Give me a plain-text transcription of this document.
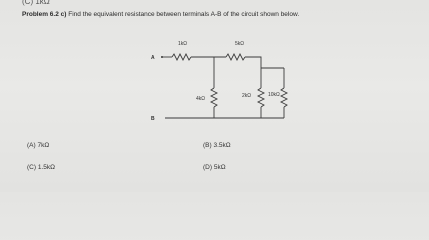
(C) 1kΩ
Problem 6.2 c) Find the equivalent resistance between terminals A-B of the circuit shown below.
A
1kΩ	5kΩ
4kΩ	2kΩ	10kΩ
B
(A) 7kΩ	(B) 3.5kΩ
(C) 1.5kΩ	(D) 5kΩ
